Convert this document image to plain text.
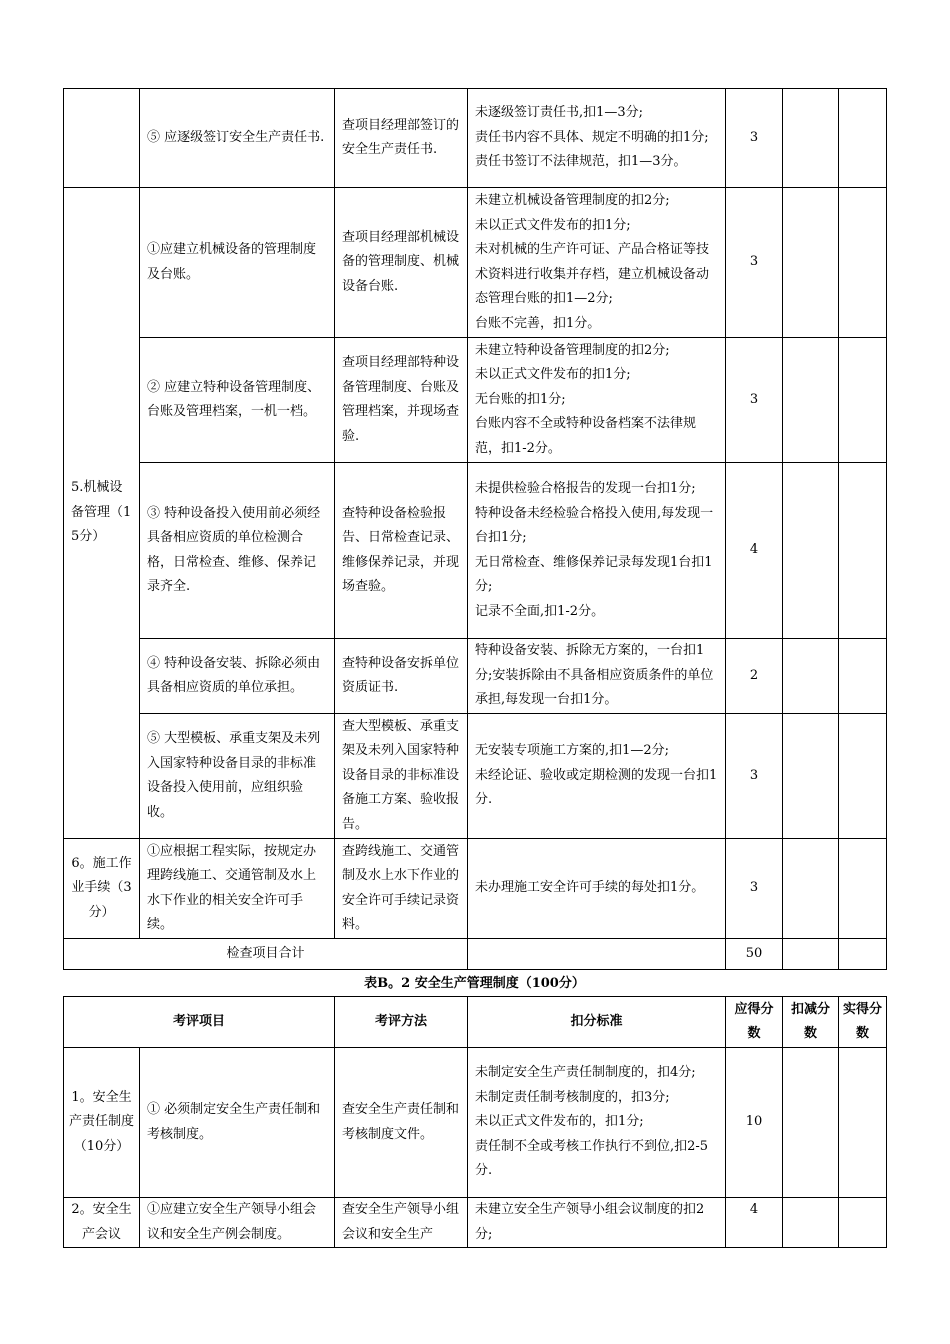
	⑤ 应逐级签订安全生产责任书.	查项目经理部签订的安全生产责任书.	未逐级签订责任书,扣1—3分;
责任书内容不具体、规定不明确的扣1分;
责任书签订不法律规范，扣1—3分。	3		
5.机械设备管理（15分）	①应建立机械设备的管理制度及台账。	查项目经理部机械设备的管理制度、机械设备台账.	未建立机械设备管理制度的扣2分;
未以正式文件发布的扣1分;
未对机械的生产许可证、产品合格证等技术资料进行收集并存档，建立机械设备动态管理台账的扣1—2分;
台账不完善，扣1分。	3		
	② 应建立特种设备管理制度、台账及管理档案，一机一档。	查项目经理部特种设备管理制度、台账及管理档案，并现场查验.	未建立特种设备管理制度的扣2分;
未以正式文件发布的扣1分;
无台账的扣1分;
台账内容不全或特种设备档案不法律规范，扣1-2分。	3		
	③ 特种设备投入使用前必须经具备相应资质的单位检测合格，日常检查、维修、保养记录齐全.	查特种设备检验报告、日常检查记录、维修保养记录，并现场查验。	未提供检验合格报告的发现一台扣1分;
特种设备未经检验合格投入使用,每发现一台扣1分;
无日常检查、维修保养记录每发现1台扣1分;
记录不全面,扣1-2分。	4		
	④ 特种设备安装、拆除必须由具备相应资质的单位承担。	查特种设备安拆单位资质证书.	特种设备安装、拆除无方案的，一台扣1分;安装拆除由不具备相应资质条件的单位承担,每发现一台扣1分。	2		
	⑤ 大型模板、承重支架及未列入国家特种设备目录的非标准设备投入使用前，应组织验收。	查大型模板、承重支架及未列入国家特种设备目录的非标准设备施工方案、验收报告。	无安装专项施工方案的,扣1—2分;
未经论证、验收或定期检测的发现一台扣1分.	3		
6。施工作业手续（3分）	①应根据工程实际，按规定办理跨线施工、交通管制及水上水下作业的相关安全许可手续。	查跨线施工、交通管制及水上水下作业的安全许可手续记录资料。	未办理施工安全许可手续的每处扣1分。	3		
检查项目合计				50		
表B。2 安全生产管理制度（100分）
考评项目		考评方法	扣分标准	应得分数	扣减分数	实得分数
1。安全生产责任制度（10分）	① 必须制定安全生产责任制和考核制度。	查安全生产责任制和考核制度文件。	未制定安全生产责任制制度的，扣4分;
未制定责任制考核制度的，扣3分;
未以正式文件发布的，扣1分;
责任制不全或考核工作执行不到位,扣2-5分.	10		
2。安全生产会议	①应建立安全生产领导小组会议和安全生产例会制度。	查安全生产领导小组会议和安全生产	未建立安全生产领导小组会议制度的扣2分;	4		
